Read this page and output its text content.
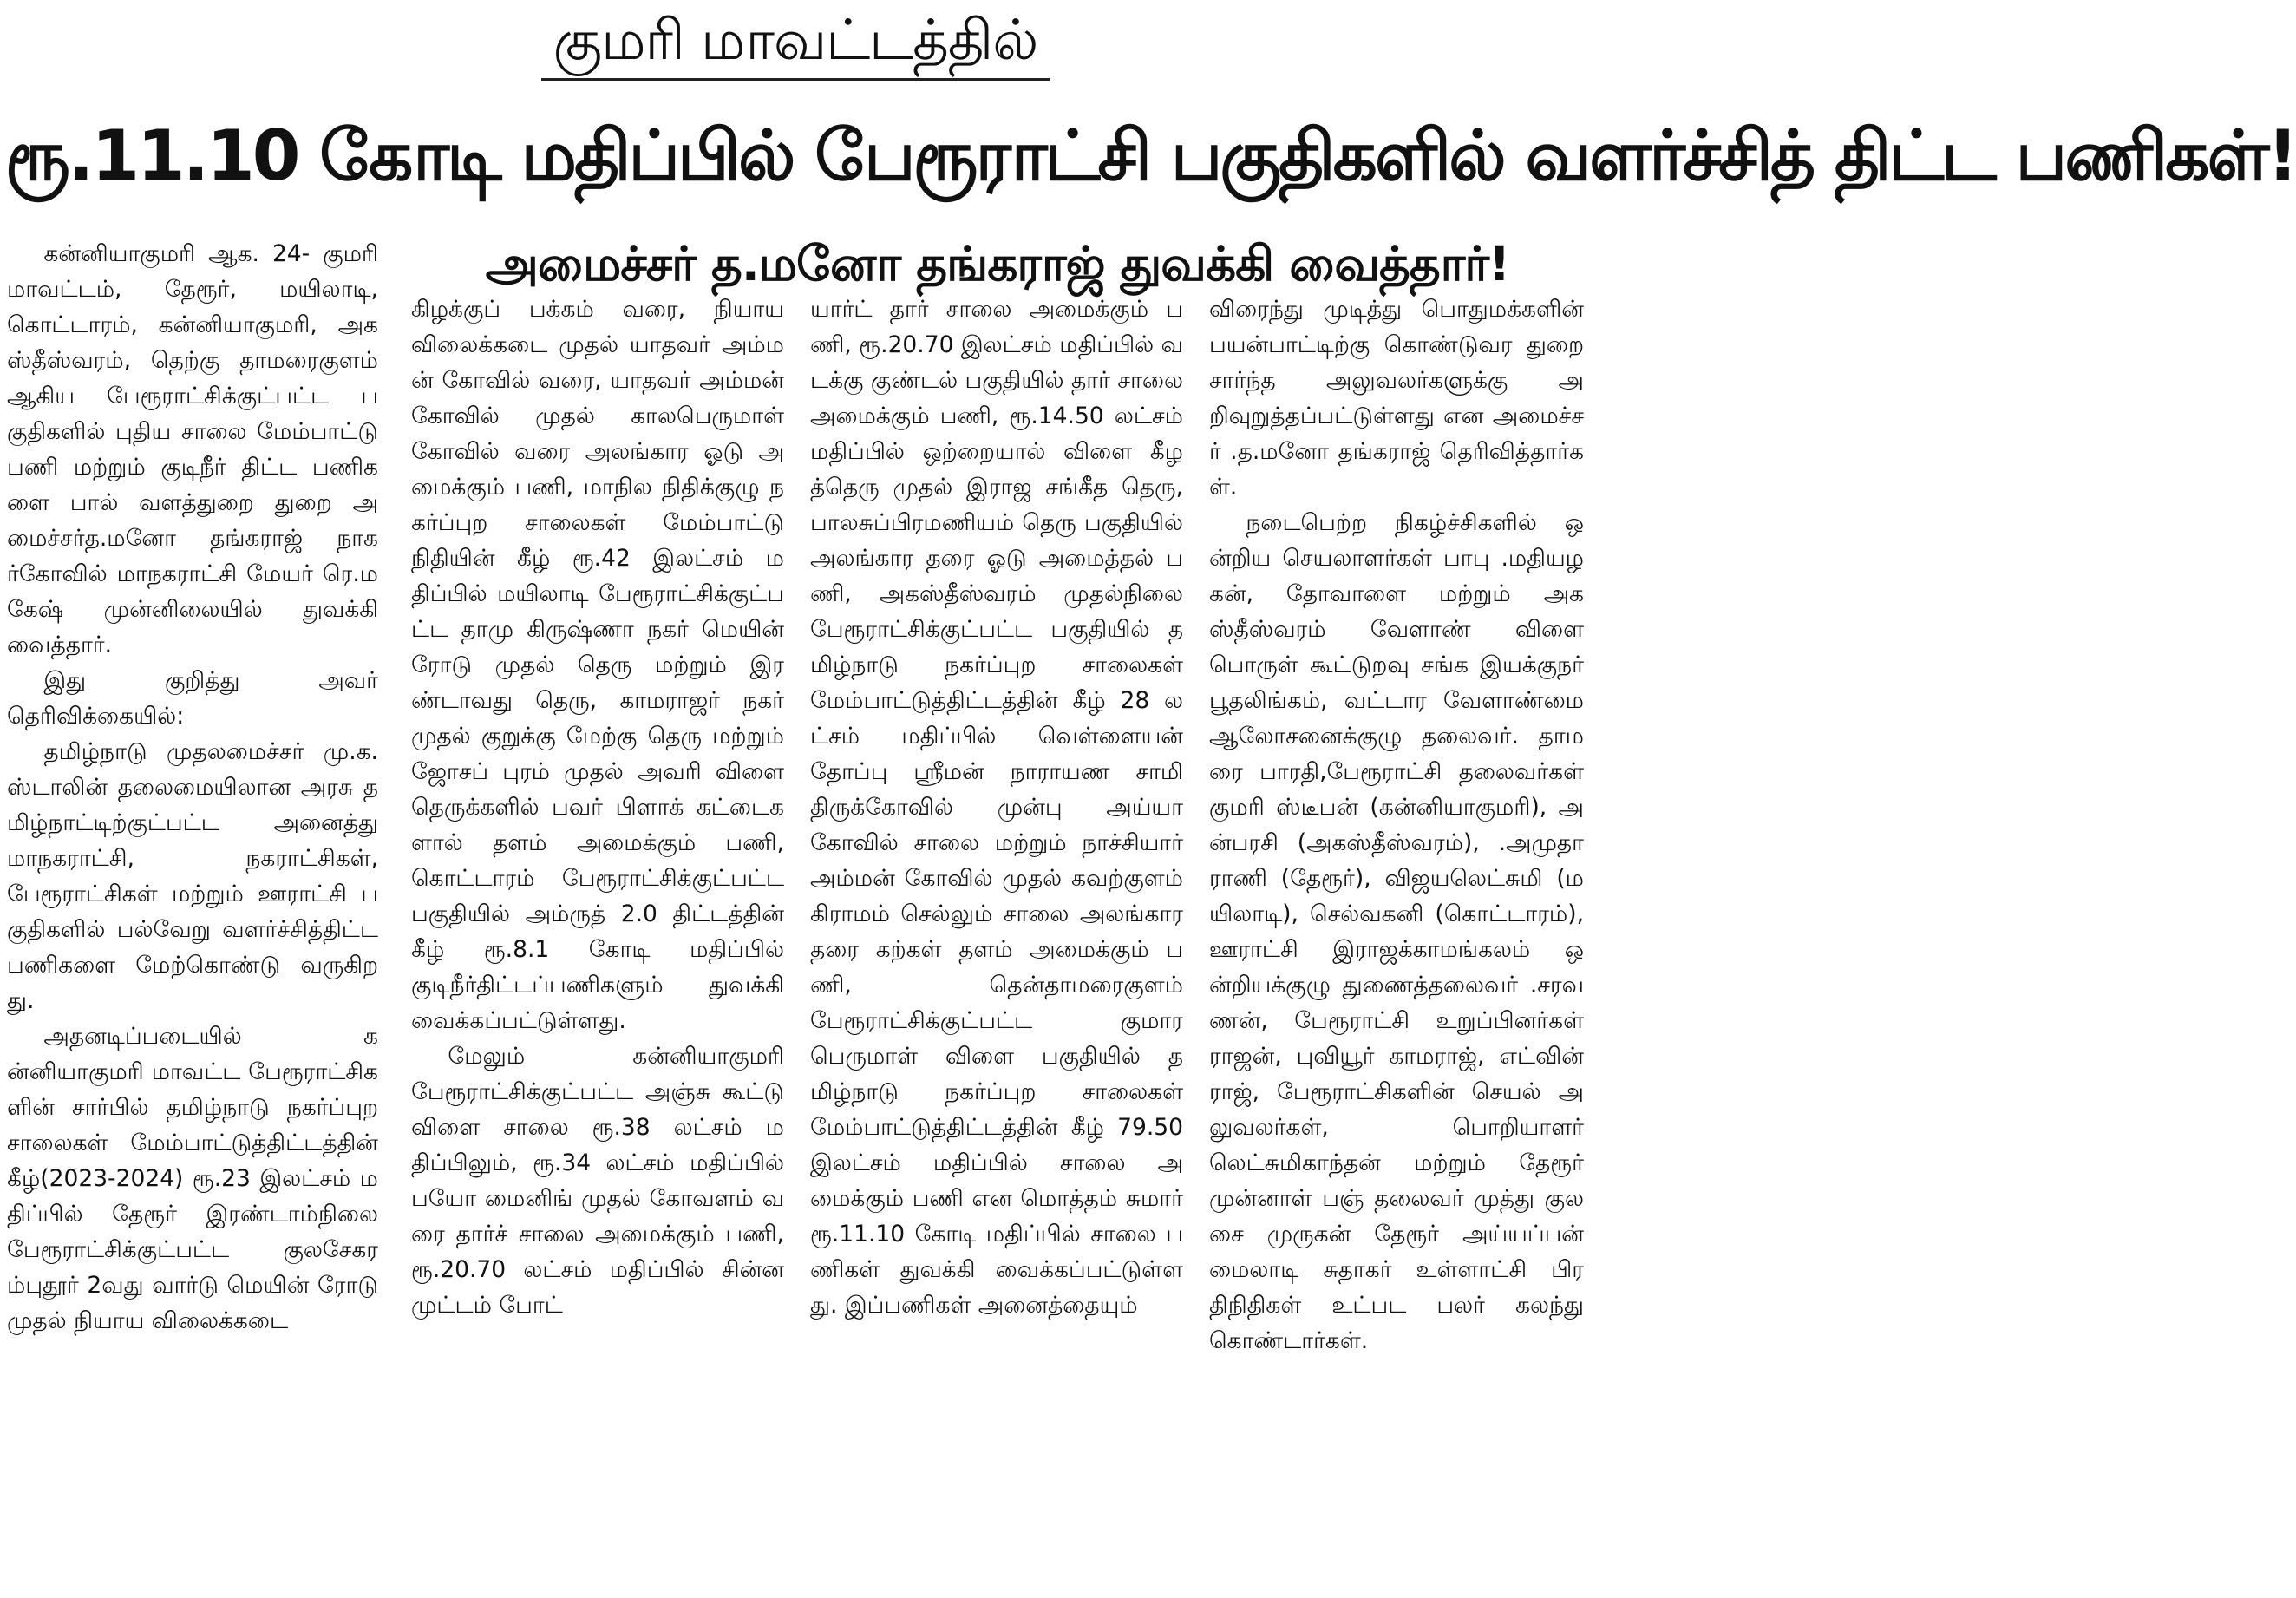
குமரி மாவட்டத்தில்
ரூ.11.10 கோடி மதிப்பில் பேரூராட்சி பகுதிகளில் வளர்ச்சித் திட்ட பணிகள்!
அமைச்சர் த.மனோ தங்கராஜ் துவக்கி வைத்தார்!

கன்னியாகுமரி ஆக. 24- குமரி மாவட்டம், தேரூர், மயிலாடி, கொட்டாரம், கன்னியாகுமரி, அகஸ்தீஸ்வரம், தெற்கு தாமரைகுளம் ஆகிய பேரூராட்சிக்குட்பட்ட பகுதிகளில் புதிய சாலை மேம்பாட்டு பணி மற்றும் குடிநீர் திட்ட பணிகளை பால் வளத்துறை துறை அமைச்சர்த.மனோ தங்கராஜ் நாகர்கோவில் மாநகராட்சி மேயர் ரெ.மகேஷ் முன்னிலையில் துவக்கி வைத்தார்.

இது குறித்து அவர் தெரிவிக்கையில்:

தமிழ்நாடு முதலமைச்சர் மு.க.ஸ்டாலின் தலைமையிலான அரசு தமிழ்நாட்டிற்குட்பட்ட அனைத்து மாநகராட்சி, நகராட்சிகள், பேரூராட்சிகள் மற்றும் ஊராட்சி பகுதிகளில் பல்வேறு வளர்ச்சித்திட்ட பணிகளை மேற்கொண்டு வருகிறது.

அதனடிப்படையில் கன்னியாகுமரி மாவட்ட பேரூராட்சிகளின் சார்பில் தமிழ்நாடு நகர்ப்புற சாலைகள் மேம்பாட்டுத்திட்டத்தின் கீழ்(2023-2024) ரூ.23 இலட்சம் மதிப்பில் தேரூர் இரண்டாம்நிலை பேரூராட்சிக்குட்பட்ட குலசேகரம்புதூர் 2வது வார்டு மெயின் ரோடு முதல் நியாய விலைக்கடை

கிழக்குப் பக்கம் வரை, நியாய விலைக்கடை முதல் யாதவர் அம்மன் கோவில் வரை, யாதவர் அம்மன் கோவில் முதல் காலபெருமாள் கோவில் வரை அலங்கார ஓடு அமைக்கும் பணி, மாநில நிதிக்குழு நகர்ப்புற சாலைகள் மேம்பாட்டு நிதியின் கீழ் ரூ.42 இலட்சம் மதிப்பில் மயிலாடி பேரூராட்சிக்குட்பட்ட தாமு கிருஷ்ணா நகர் மெயின் ரோடு முதல் தெரு மற்றும் இரண்டாவது தெரு, காமராஜர் நகர் முதல் குறுக்கு மேற்கு தெரு மற்றும் ஜோசப் புரம் முதல் அவரி விளை தெருக்களில் பவர் பிளாக் கட்டைகளால் தளம் அமைக்கும் பணி, கொட்டாரம் பேரூராட்சிக்குட்பட்ட பகுதியில் அம்ருத் 2.0 திட்டத்தின் கீழ் ரூ.8.1 கோடி மதிப்பில் குடிநீர்திட்டப்பணிகளும் துவக்கி வைக்கப்பட்டுள்ளது.

மேலும் கன்னியாகுமரி பேரூராட்சிக்குட்பட்ட அஞ்சு கூட்டு விளை சாலை ரூ.38 லட்சம் மதிப்பிலும், ரூ.34 லட்சம் மதிப்பில் பயோ மைனிங் முதல் கோவளம் வரை தார்ச் சாலை அமைக்கும் பணி, ரூ.20.70 லட்சம் மதிப்பில் சின்ன முட்டம் போட்

யார்ட் தார் சாலை அமைக்கும் பணி, ரூ.20.70 இலட்சம் மதிப்பில் வடக்கு குண்டல் பகுதியில் தார் சாலை அமைக்கும் பணி, ரூ.14.50 லட்சம் மதிப்பில் ஒற்றையால் விளை கீழத்தெரு முதல் இராஜ சங்கீத தெரு, பாலசுப்பிரமணியம் தெரு பகுதியில் அலங்கார தரை ஓடு அமைத்தல் பணி, அகஸ்தீஸ்வரம் முதல்நிலை பேரூராட்சிக்குட்பட்ட பகுதியில் தமிழ்நாடு நகர்ப்புற சாலைகள் மேம்பாட்டுத்திட்டத்தின் கீழ் 28 லட்சம் மதிப்பில் வெள்ளையன் தோப்பு ஸ்ரீமன் நாராயண சாமி திருக்கோவில் முன்பு அய்யா கோவில் சாலை மற்றும் நாச்சியார் அம்மன் கோவில் முதல் கவற்குளம் கிராமம் செல்லும் சாலை அலங்கார தரை கற்கள் தளம் அமைக்கும் பணி, தென்தாமரைகுளம் பேரூராட்சிக்குட்பட்ட குமார பெருமாள் விளை பகுதியில் தமிழ்நாடு நகர்ப்புற சாலைகள் மேம்பாட்டுத்திட்டத்தின் கீழ் 79.50 இலட்சம் மதிப்பில் சாலை அமைக்கும் பணி என மொத்தம் சுமார் ரூ.11.10 கோடி மதிப்பில் சாலை பணிகள் துவக்கி வைக்கப்பட்டுள்ளது. இப்பணிகள் அனைத்தையும்

விரைந்து முடித்து பொதுமக்களின் பயன்பாட்டிற்கு கொண்டுவர துறை சார்ந்த அலுவலர்களுக்கு அறிவுறுத்தப்பட்டுள்ளது என அமைச்சர் .த.மனோ தங்கராஜ் தெரிவித்தார்கள்.

நடைபெற்ற நிகழ்ச்சிகளில் ஒன்றிய செயலாளர்கள் பாபு .மதியழகன், தோவாளை மற்றும் அகஸ்தீஸ்வரம் வேளாண் விளை பொருள் கூட்டுறவு சங்க இயக்குநர் பூதலிங்கம், வட்டார வேளாண்மை ஆலோசனைக்குழு தலைவர். தாமரை பாரதி,பேரூராட்சி தலைவர்கள் குமரி ஸ்டீபன் (கன்னியாகுமரி), அன்பரசி (அகஸ்தீஸ்வரம்), .அமுதா ராணி (தேரூர்), விஜயலெட்சுமி (மயிலாடி), செல்வகனி (கொட்டாரம்), ஊராட்சி இராஜக்காமங்கலம் ஒன்றியக்குழு துணைத்தலைவர் .சரவணன், பேரூராட்சி உறுப்பினர்கள் ராஜன், புவியூர் காமராஜ், எட்வின் ராஜ், பேரூராட்சிகளின் செயல் அலுவலர்கள், பொறியாளர் லெட்சுமிகாந்தன் மற்றும் தேரூர் முன்னாள் பஞ் தலைவர் முத்து குலசை முருகன் தேரூர் அய்யப்பன் மைலாடி சுதாகர் உள்ளாட்சி பிரதிநிதிகள் உட்பட பலர் கலந்து கொண்டார்கள்.
